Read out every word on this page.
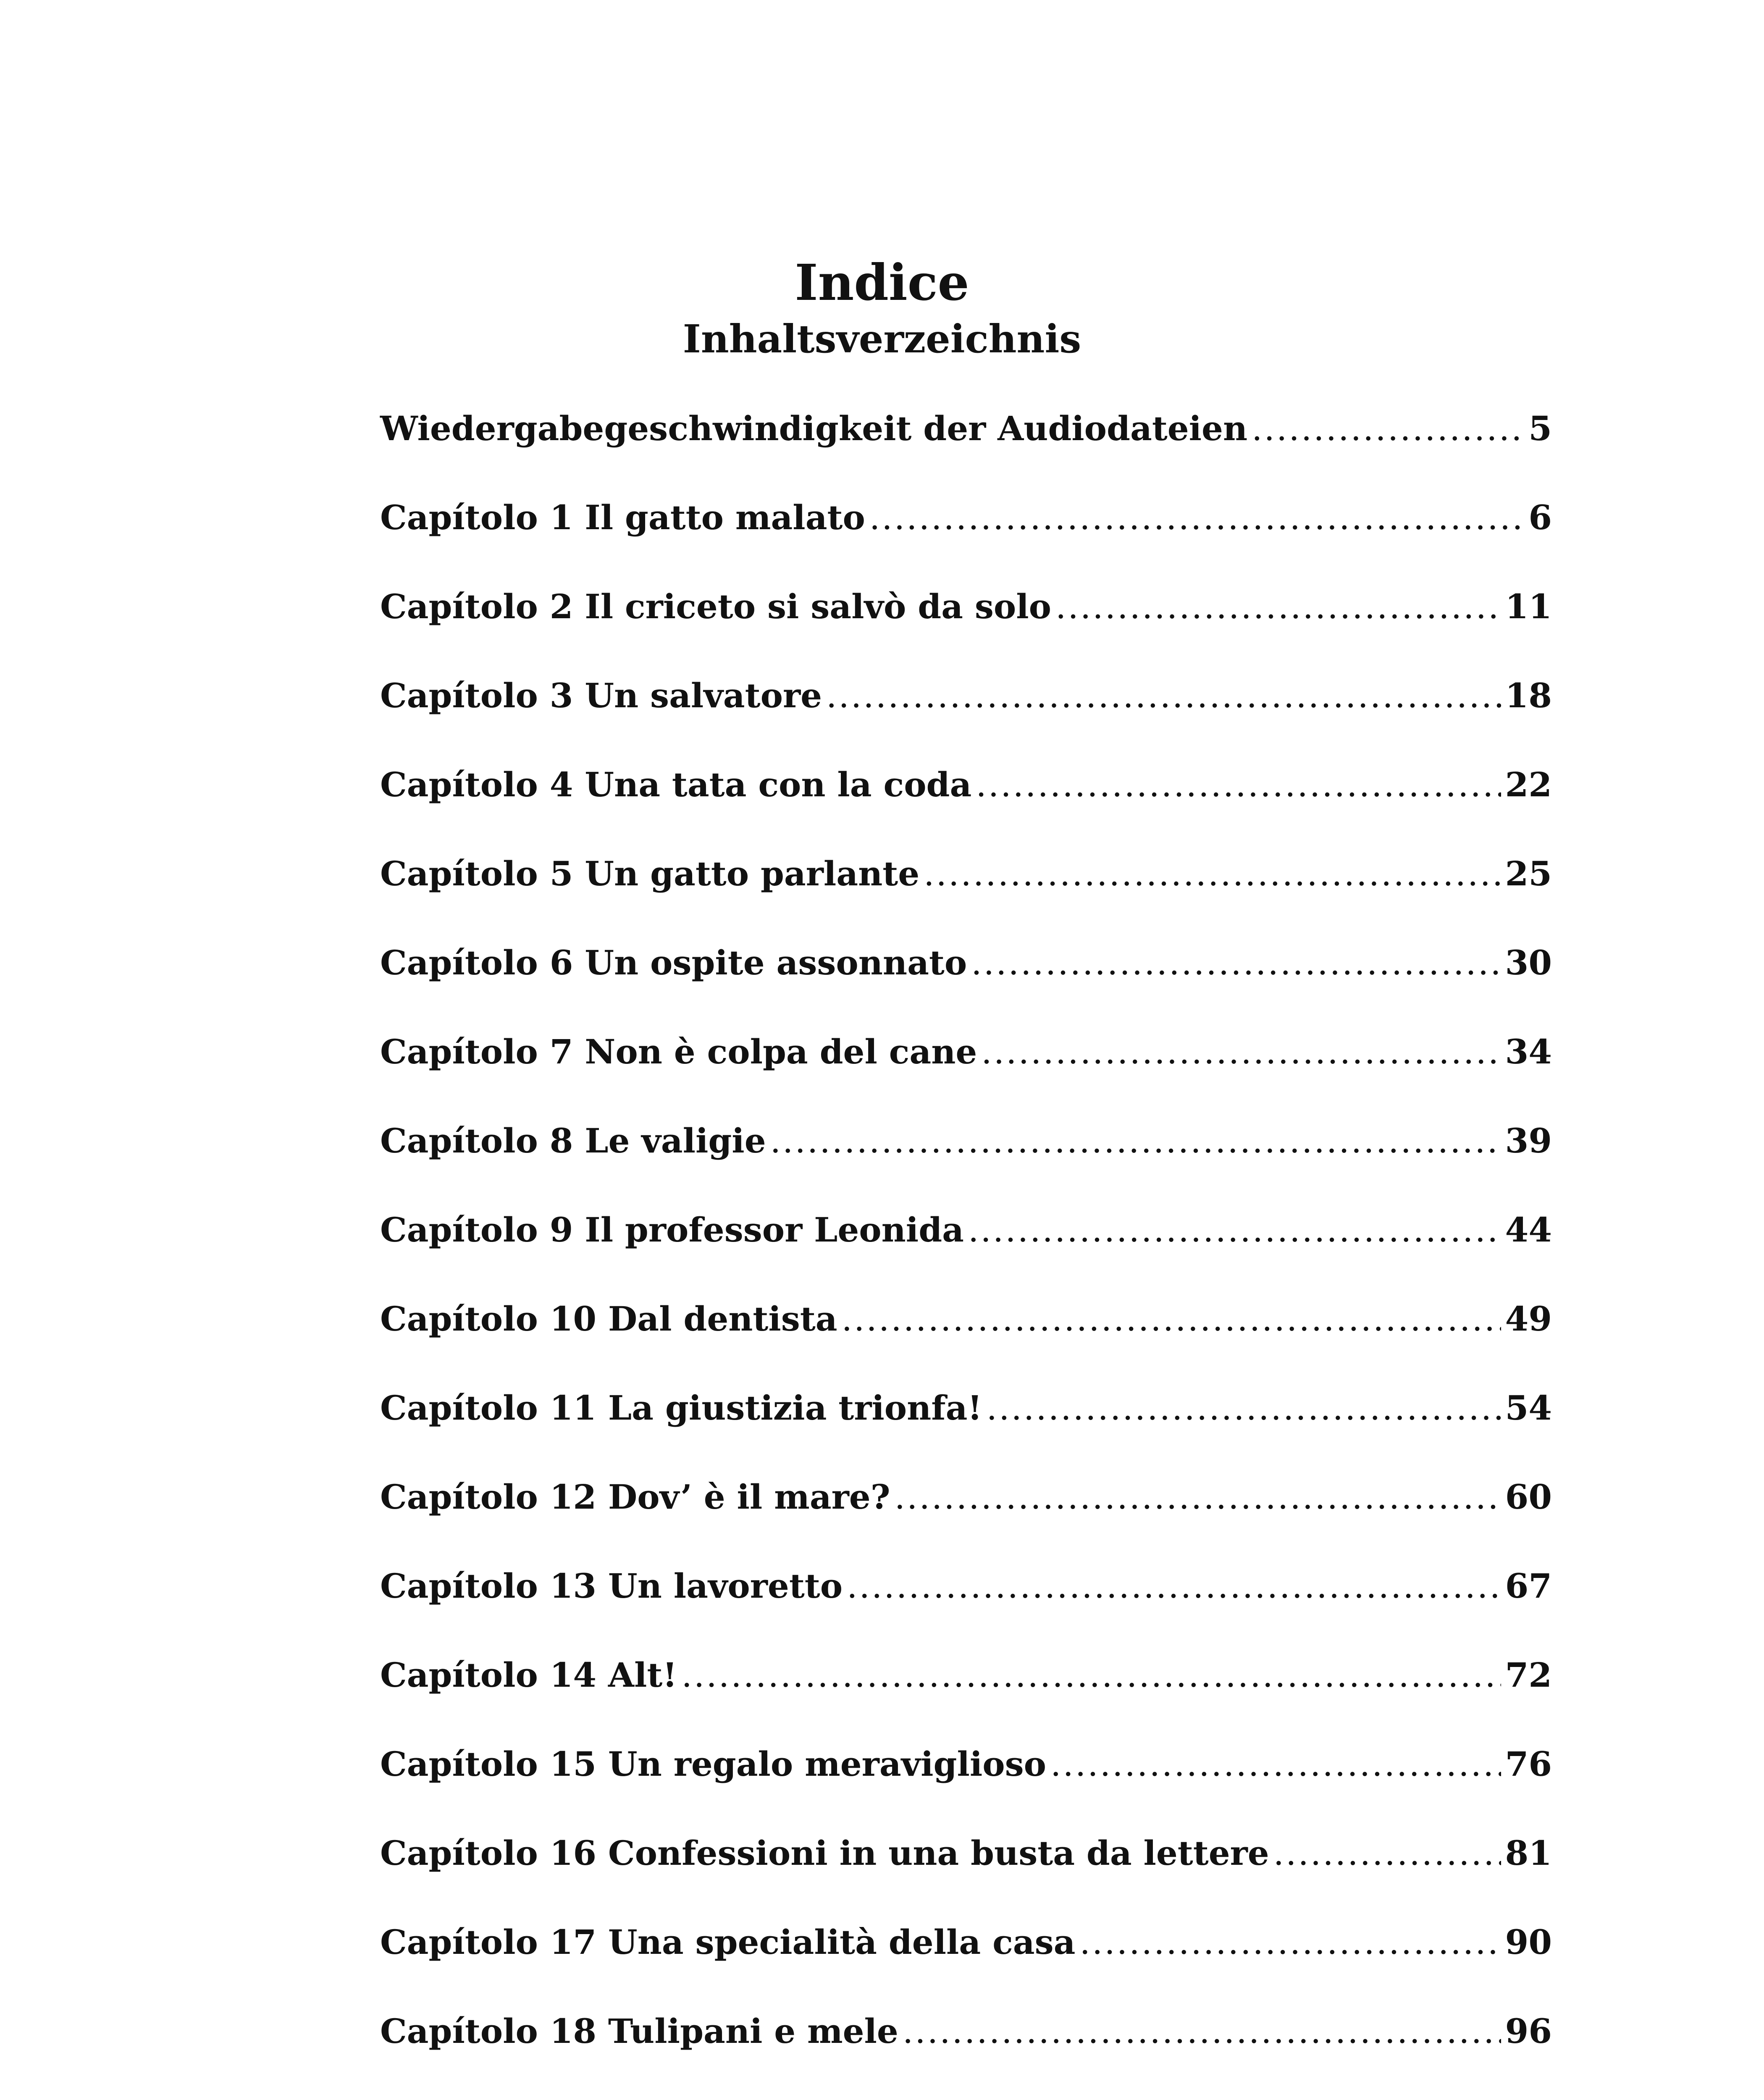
Indice
Inhaltsverzeichnis
Wiedergabegeschwindigkeit der Audiodateien .....	5
Capítolo 1 Il gatto malato .....	6
Capítolo 2 Il criceto si salvò da solo .....	11
Capítolo 3 Un salvatore .....	18
Capítolo 4 Una tata con la coda .....	22
Capítolo 5 Un gatto parlante .....	25
Capítolo 6 Un ospite assonnato .....	30
Capítolo 7 Non è colpa del cane .....	34
Capítolo 8 Le valigie .....	39
Capítolo 9 Il professor Leonida .....	44
Capítolo 10 Dal dentista .....	49
Capítolo 11 La giustizia trionfa! .....	54
Capítolo 12 Dov’ è il mare? .....	60
Capítolo 13 Un lavoretto .....	67
Capítolo 14 Alt! .....	72
Capítolo 15 Un regalo meraviglioso .....	76
Capítolo 16 Confessioni in una busta da lettere .....	81
Capítolo 17 Una specialità della casa .....	90
Capítolo 18 Tulipani e mele .....	96
.....
